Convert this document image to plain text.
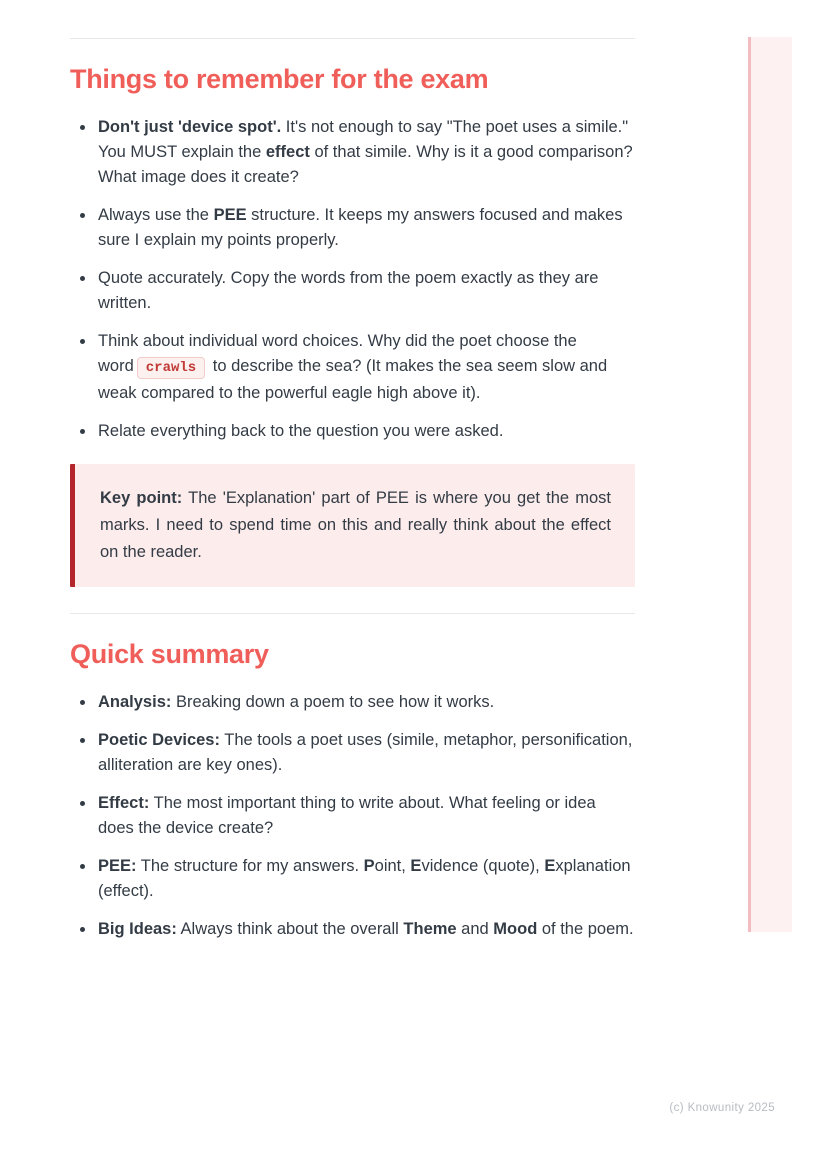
Things to remember for the exam
• Don't just 'device spot'. It's not enough to say "The poet uses a simile." You MUST explain the effect of that simile. Why is it a good comparison? What image does it create?
• Always use the PEE structure. It keeps my answers focused and makes sure I explain my points properly.
• Quote accurately. Copy the words from the poem exactly as they are written.
• Think about individual word choices. Why did the poet choose the word crawls to describe the sea? (It makes the sea seem slow and weak compared to the powerful eagle high above it).
• Relate everything back to the question you were asked.
Key point: The 'Explanation' part of PEE is where you get the most marks. I need to spend time on this and really think about the effect on the reader.
Quick summary
• Analysis: Breaking down a poem to see how it works.
• Poetic Devices: The tools a poet uses (simile, metaphor, personification, alliteration are key ones).
• Effect: The most important thing to write about. What feeling or idea does the device create?
• PEE: The structure for my answers. Point, Evidence (quote), Explanation (effect).
• Big Ideas: Always think about the overall Theme and Mood of the poem.
(c) Knowunity 2025
